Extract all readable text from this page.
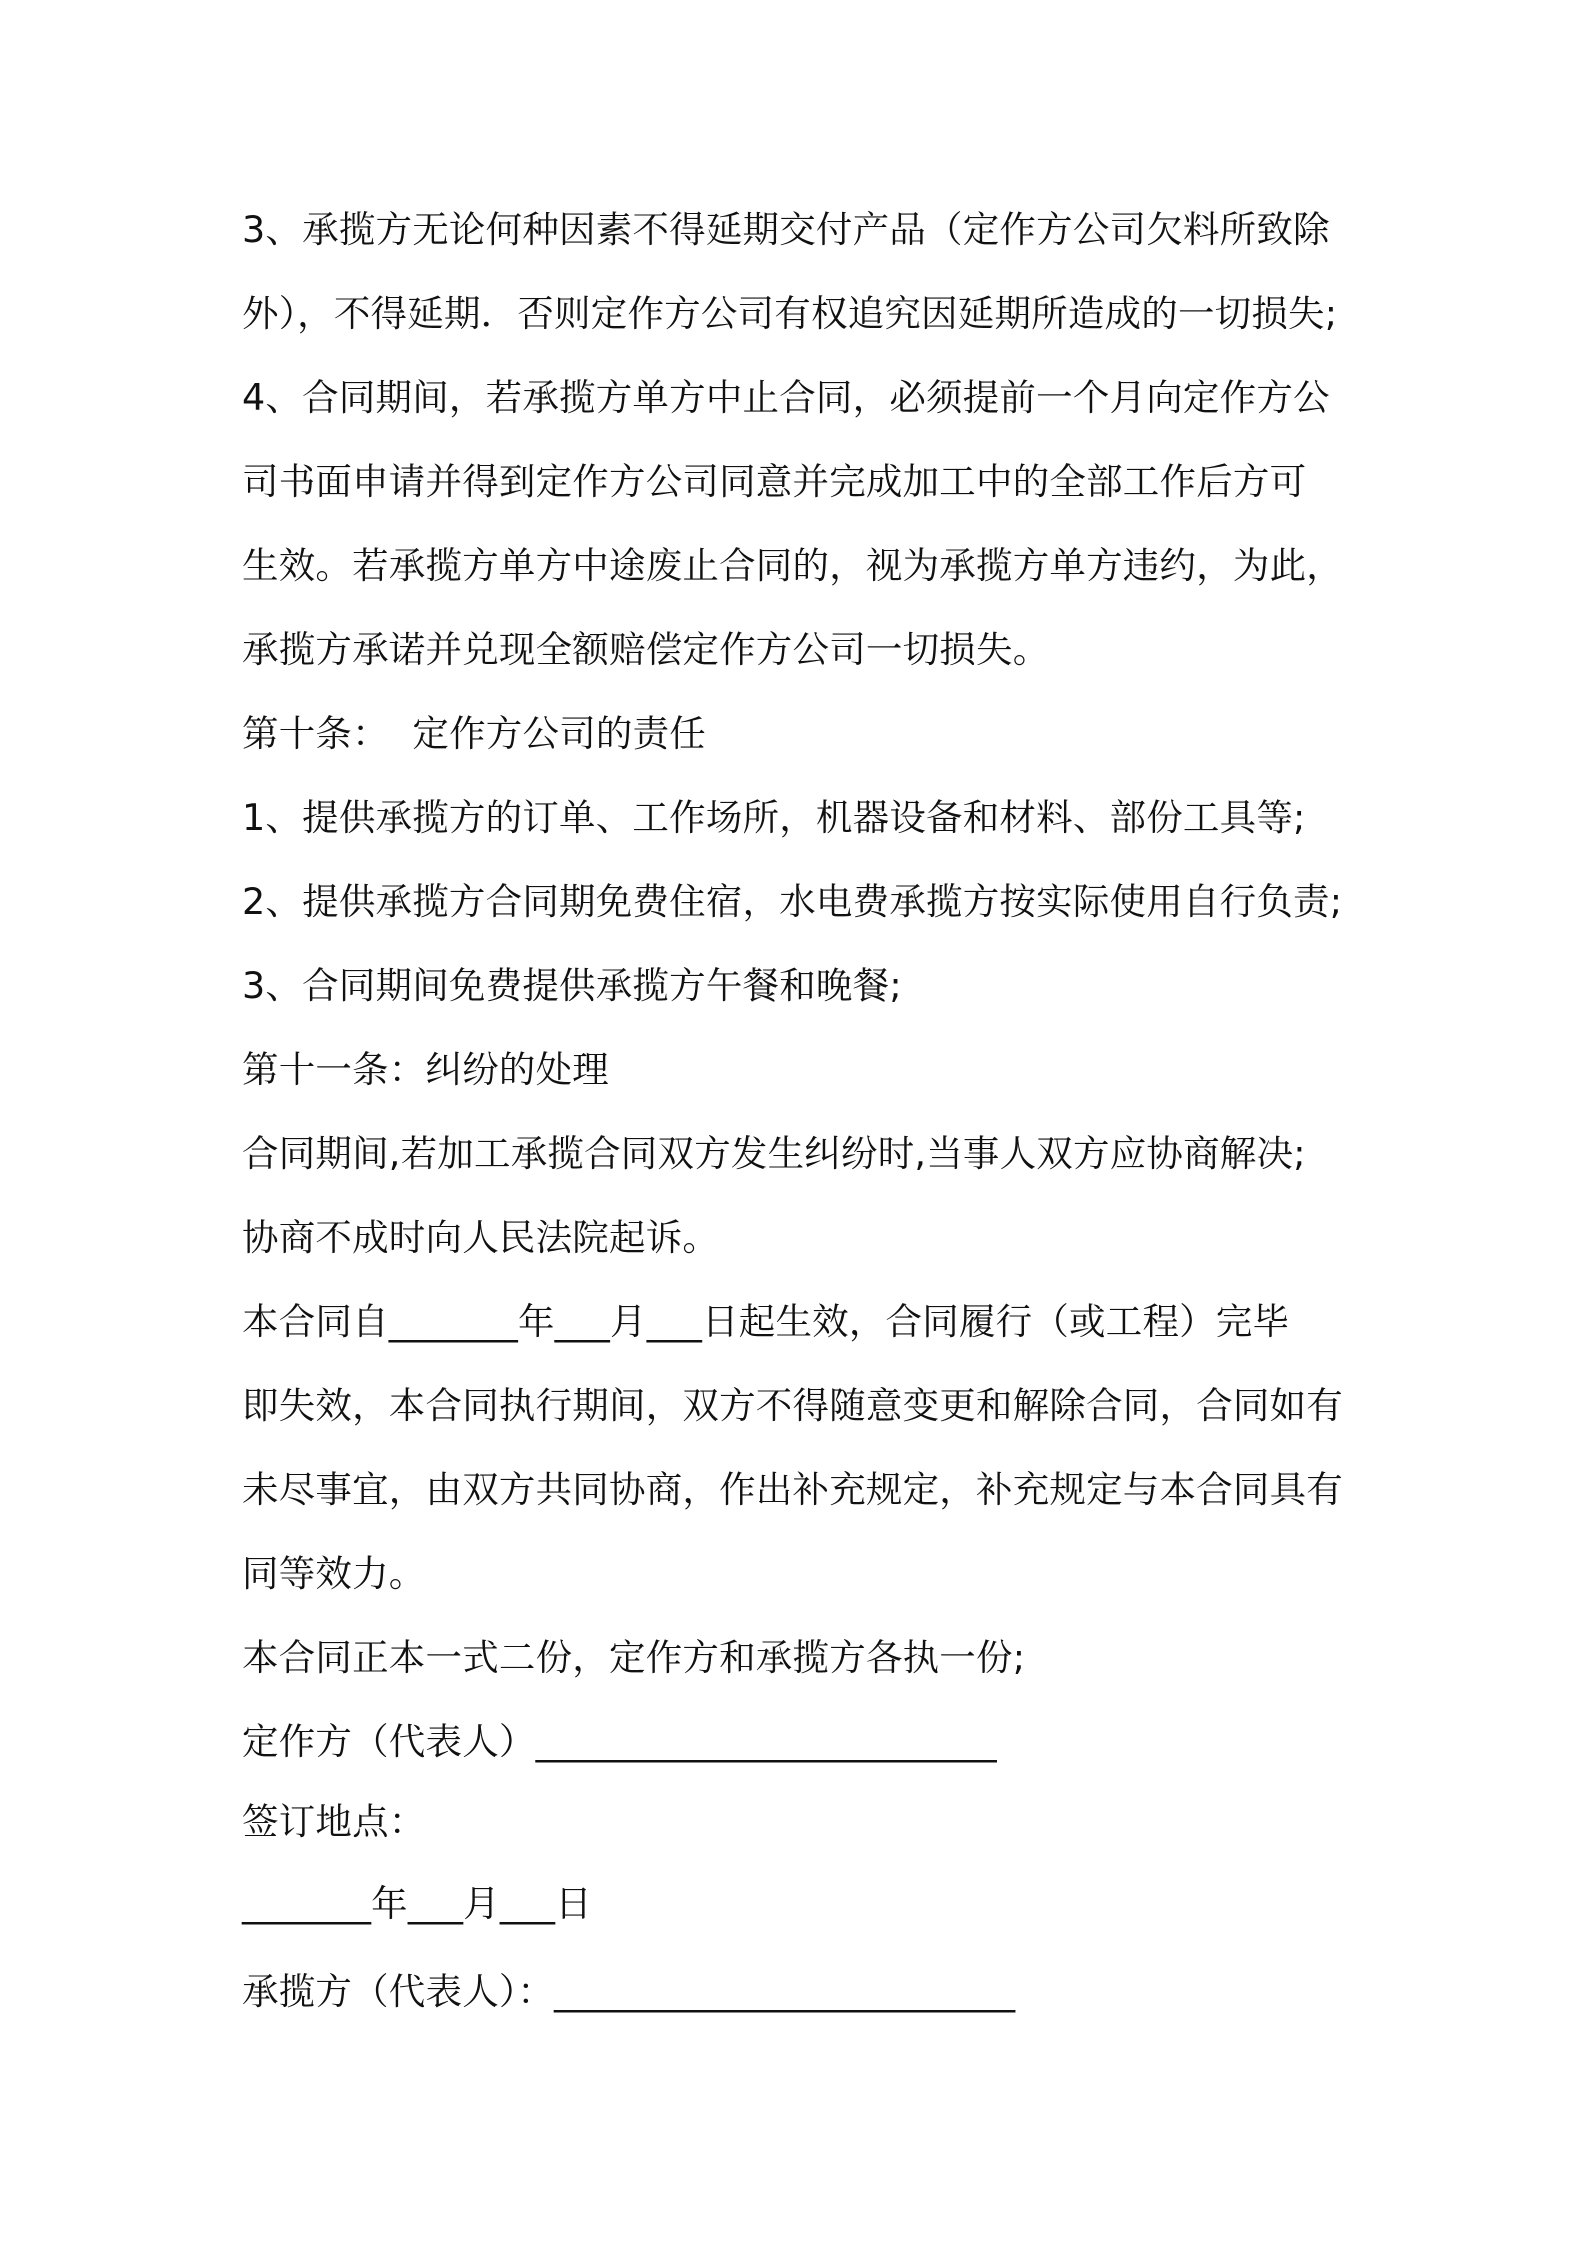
3、承揽方无论何种因素不得延期交付产品（定作方公司欠料所致除
外），不得延期．否则定作方公司有权追究因延期所造成的一切损失;
4、合同期间，若承揽方单方中止合同，必须提前一个月向定作方公
司书面申请并得到定作方公司同意并完成加工中的全部工作后方可
生效。若承揽方单方中途废止合同的，视为承揽方单方违约，为此，
承揽方承诺并兑现全额赔偿定作方公司一切损失。
第十条：  定作方公司的责任
1、提供承揽方的订单、工作场所，机器设备和材料、部份工具等;
2、提供承揽方合同期免费住宿，水电费承揽方按实际使用自行负责;
3、合同期间免费提供承揽方午餐和晚餐;
第十一条：纠纷的处理
合同期间,若加工承揽合同双方发生纠纷时,当事人双方应协商解决;
协商不成时向人民法院起诉。
本合同自_______年___月___日起生效，合同履行（或工程）完毕
即失效，本合同执行期间，双方不得随意变更和解除合同，合同如有
未尽事宜，由双方共同协商，作出补充规定，补充规定与本合同具有
同等效力。
本合同正本一式二份，定作方和承揽方各执一份;
定作方（代表人）_________________________
签订地点：
_______年___月___日
承揽方（代表人）：_________________________
